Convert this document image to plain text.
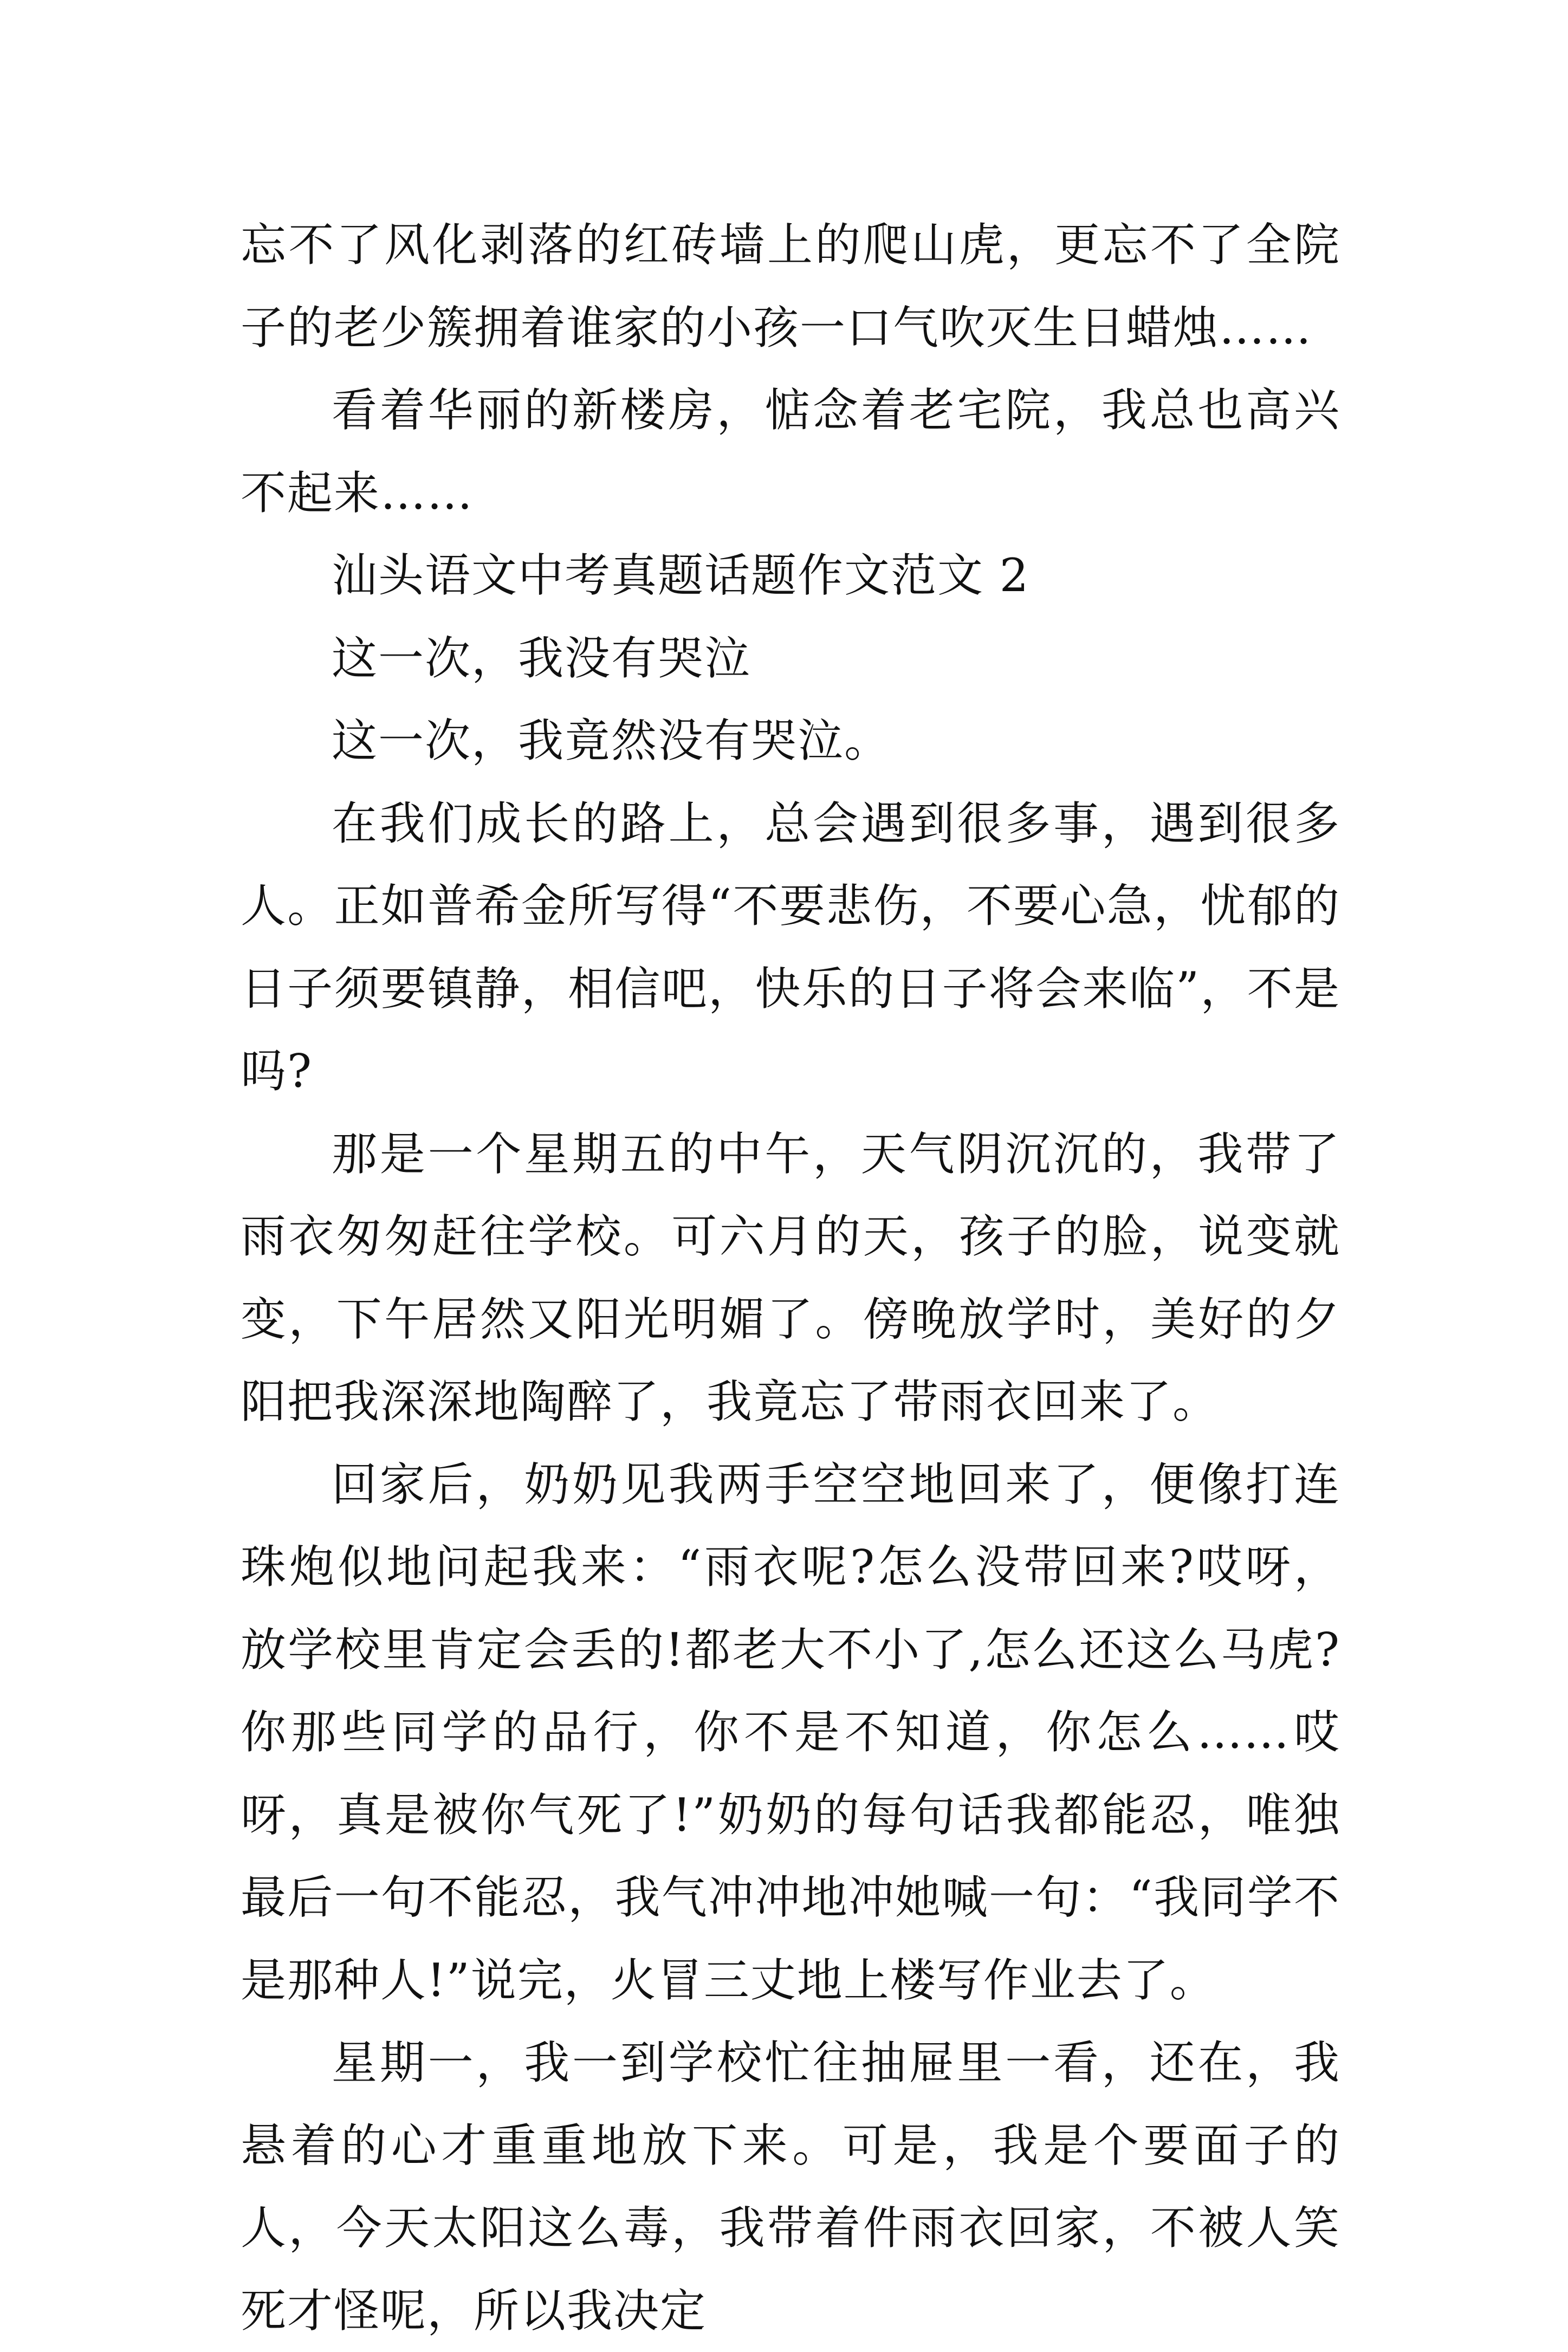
忘不了风化剥落的红砖墙上的爬山虎，更忘不了全院子的老少簇拥着谁家的小孩一口气吹灭生日蜡烛……

看着华丽的新楼房，惦念着老宅院，我总也高兴不起来……

汕头语文中考真题话题作文范文 2

这一次，我没有哭泣

这一次，我竟然没有哭泣。

在我们成长的路上，总会遇到很多事，遇到很多人。正如普希金所写得“不要悲伤，不要心急，忧郁的日子须要镇静，相信吧，快乐的日子将会来临”，不是吗?

那是一个星期五的中午，天气阴沉沉的，我带了雨衣匆匆赶往学校。可六月的天，孩子的脸，说变就变，下午居然又阳光明媚了。傍晚放学时，美好的夕阳把我深深地陶醉了，我竟忘了带雨衣回来了。

回家后，奶奶见我两手空空地回来了，便像打连珠炮似地问起我来：“雨衣呢?怎么没带回来?哎呀，放学校里肯定会丢的!都老大不小了,怎么还这么马虎?你那些同学的品行，你不是不知道，你怎么……哎呀，真是被你气死了!”奶奶的每句话我都能忍，唯独最后一句不能忍，我气冲冲地冲她喊一句：“我同学不是那种人!”说完，火冒三丈地上楼写作业去了。

星期一，我一到学校忙往抽屉里一看，还在，我悬着的心才重重地放下来。可是，我是个要面子的人，今天太阳这么毒，我带着件雨衣回家，不被人笑死才怪呢，所以我决定
